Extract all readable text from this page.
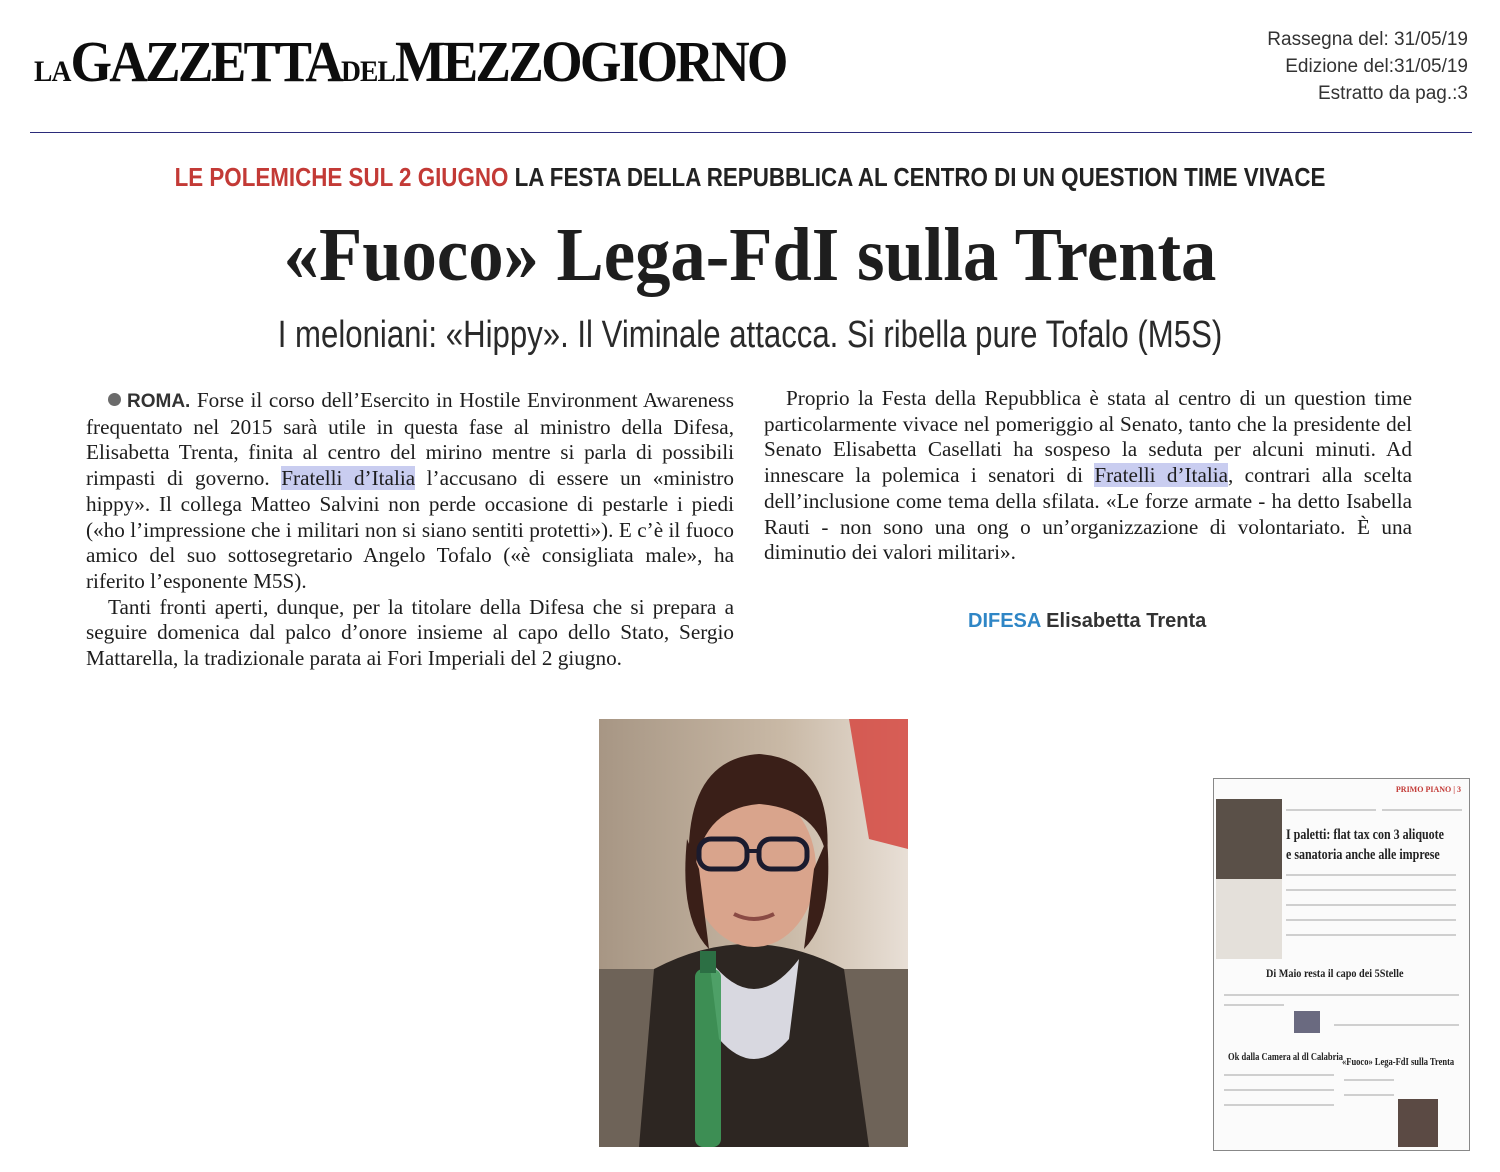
LAGAZZETTADELMEZZOGIORNO	Rassegna del: 31/05/19
Edizione del:31/05/19
Estratto da pag.:3
LE POLEMICHE SUL 2 GIUGNO LA FESTA DELLA REPUBBLICA AL CENTRO DI UN QUESTION TIME VIVACE
«Fuoco» Lega-FdI sulla Trenta
I meloniani: «Hippy». Il Viminale attacca. Si ribella pure Tofalo (M5S)

ROMA. Forse il corso dell’Esercito in Hostile Environment Awareness frequentato nel 2015 sarà utile in questa fase al ministro della Difesa, Elisabetta Trenta, finita al centro del mirino mentre si parla di possibili rimpasti di governo. Fratelli d’Italia l’accusano di essere un «ministro hippy». Il collega Matteo Salvini non perde occasione di pestarle i piedi («ho l’impressione che i militari non si siano sentiti protetti»). E c’è il fuoco amico del suo sottosegretario Angelo Tofalo («è consigliata male», ha riferito l’esponente M5S).

Tanti fronti aperti, dunque, per la titolare della Difesa che si prepara a seguire domenica dal palco d’onore insieme al capo dello Stato, Sergio Mattarella, la tradizionale parata ai Fori Imperiali del 2 giugno.

Proprio la Festa della Repubblica è stata al centro di un question time particolarmente vivace nel pomeriggio al Senato, tanto che la presidente del Senato Elisabetta Casellati ha sospeso la seduta per alcuni minuti. Ad innescare la polemica i senatori di Fratelli d’Italia, contrari alla scelta dell’inclusione come tema della sfilata. «Le forze armate - ha detto Isabella Rauti - non sono una ong o un’organizzazione di volontariato. È una diminutio dei valori militari».

DIFESA Elisabetta Trenta
PRIMO PIANO | 3
I paletti: flat tax con 3 aliquote
e sanatoria anche alle imprese
Di Maio resta il capo dei 5Stelle
Ok dalla Camera al dl Calabria
«Fuoco» Lega-FdI sulla Trenta
